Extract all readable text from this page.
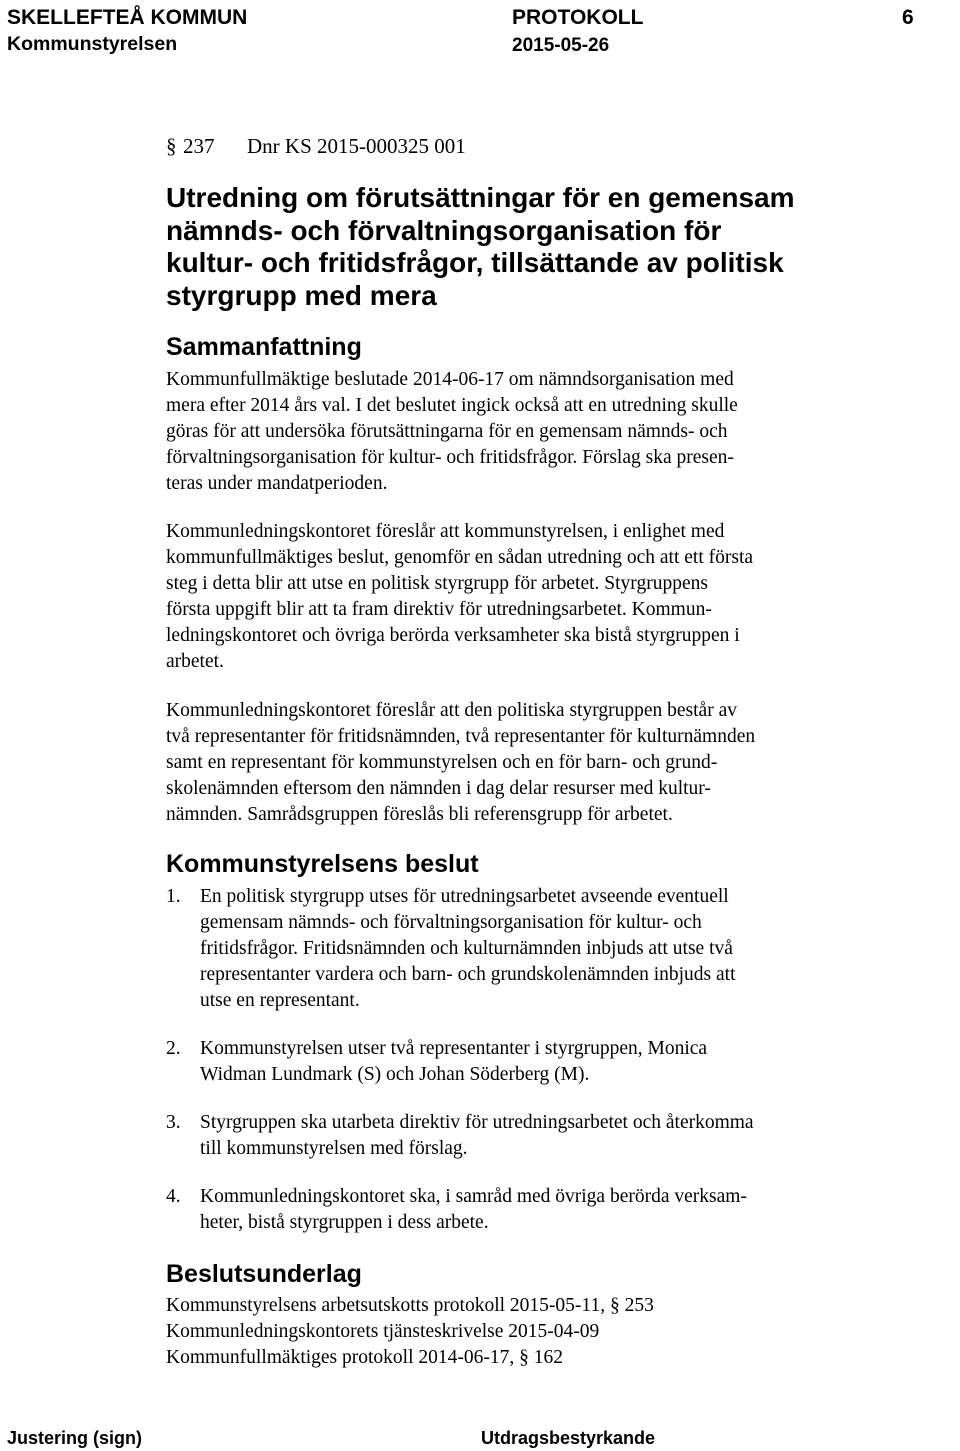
SKELLEFTEÅ KOMMUN	PROTOKOLL	6
Kommunstyrelsen	2015-05-26
§ 237 Dnr KS 2015-000325 001
Utredning om förutsättningar för en gemensam
nämnds- och förvaltningsorganisation för
kultur- och fritidsfrågor, tillsättande av politisk
styrgrupp med mera
Sammanfattning
Kommunfullmäktige beslutade 2014-06-17 om nämndsorganisation med
mera efter 2014 års val. I det beslutet ingick också att en utredning skulle
göras för att undersöka förutsättningarna för en gemensam nämnds- och
förvaltningsorganisation för kultur- och fritidsfrågor. Förslag ska presen-
teras under mandatperioden.
Kommunledningskontoret föreslår att kommunstyrelsen, i enlighet med
kommunfullmäktiges beslut, genomför en sådan utredning och att ett första
steg i detta blir att utse en politisk styrgrupp för arbetet. Styrgruppens
första uppgift blir att ta fram direktiv för utredningsarbetet. Kommun-
ledningskontoret och övriga berörda verksamheter ska bistå styrgruppen i
arbetet.
Kommunledningskontoret föreslår att den politiska styrgruppen består av
två representanter för fritidsnämnden, två representanter för kulturnämnden
samt en representant för kommunstyrelsen och en för barn- och grund-
skolenämnden eftersom den nämnden i dag delar resurser med kultur-
nämnden. Samrådsgruppen föreslås bli referensgrupp för arbetet.
Kommunstyrelsens beslut
1. En politisk styrgrupp utses för utredningsarbetet avseende eventuell
gemensam nämnds- och förvaltningsorganisation för kultur- och
fritidsfrågor. Fritidsnämnden och kulturnämnden inbjuds att utse två
representanter vardera och barn- och grundskolenämnden inbjuds att
utse en representant.
2. Kommunstyrelsen utser två representanter i styrgruppen, Monica
Widman Lundmark (S) och Johan Söderberg (M).
3. Styrgruppen ska utarbeta direktiv för utredningsarbetet och återkomma
till kommunstyrelsen med förslag.
4. Kommunledningskontoret ska, i samråd med övriga berörda verksam-
heter, bistå styrgruppen i dess arbete.
Beslutsunderlag
Kommunstyrelsens arbetsutskotts protokoll 2015-05-11, § 253
Kommunledningskontorets tjänsteskrivelse 2015-04-09
Kommunfullmäktiges protokoll 2014-06-17, § 162
Justering (sign)	Utdragsbestyrkande
